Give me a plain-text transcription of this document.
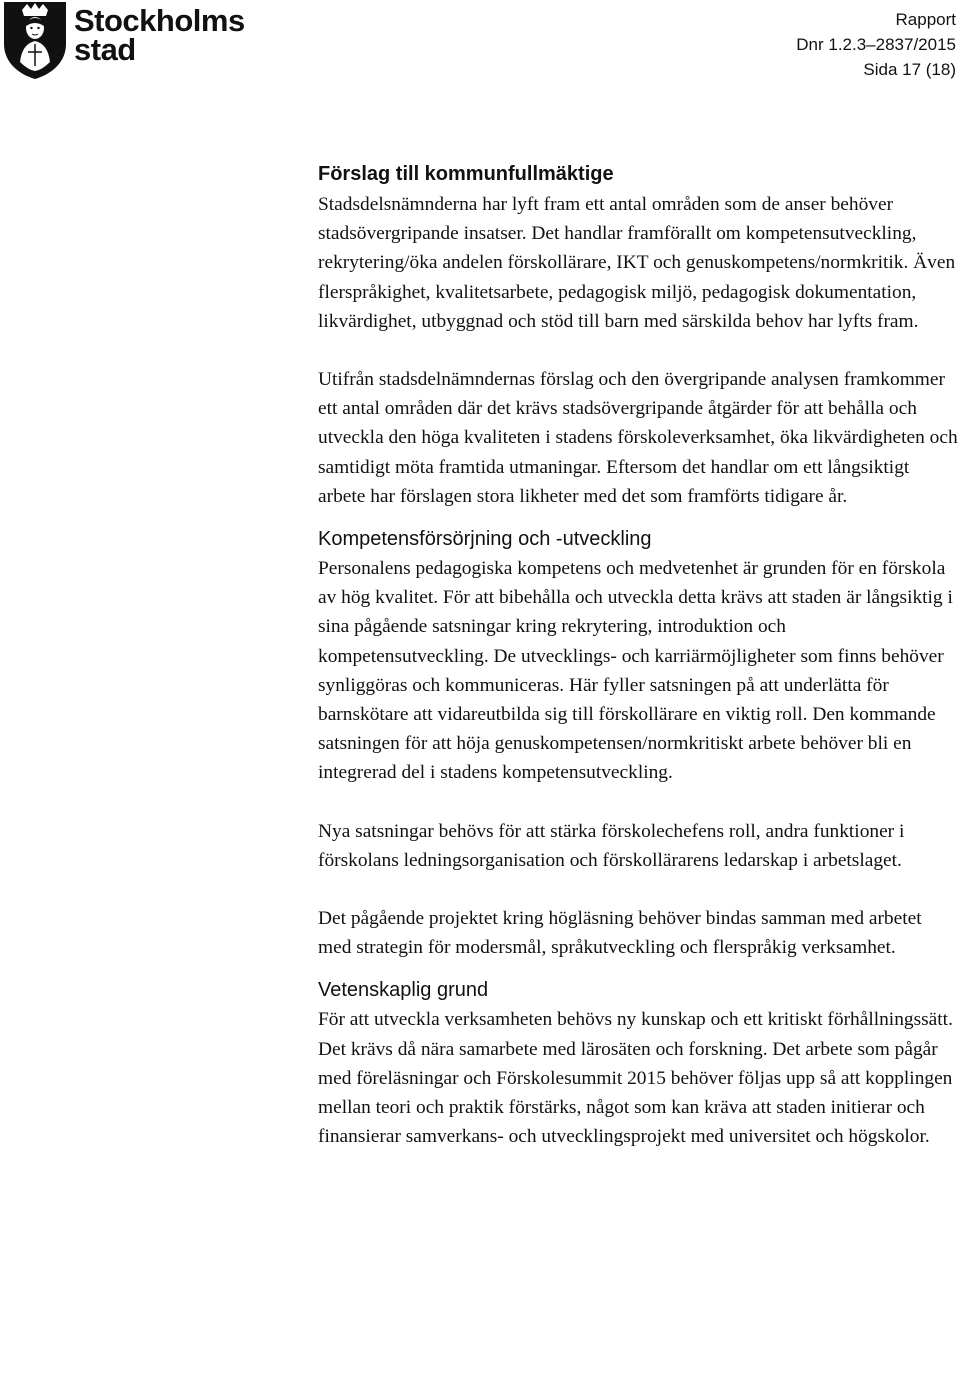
Stockholms
stad
Rapport
Dnr 1.2.3–2837/2015
Sida 17 (18)
Förslag till kommunfullmäktige

Stadsdelsnämnderna har lyft fram ett antal områden som de anser behöver stadsövergripande insatser. Det handlar framförallt om kompetensutveckling, rekrytering/öka andelen förskollärare, IKT och genuskompetens/normkritik. Även flerspråkighet, kvalitetsarbete, pedagogisk miljö, pedagogisk dokumentation, likvärdighet, utbyggnad och stöd till barn med särskilda behov har lyfts fram.

Utifrån stadsdelnämndernas förslag och den övergripande analysen framkommer ett antal områden där det krävs stadsövergripande åtgärder för att behålla och utveckla den höga kvaliteten i stadens förskoleverksamhet, öka likvärdigheten och samtidigt möta framtida utmaningar. Eftersom det handlar om ett långsiktigt arbete har förslagen stora likheter med det som framförts tidigare år.

Kompetensförsörjning och -utveckling

Personalens pedagogiska kompetens och medvetenhet är grunden för en förskola av hög kvalitet. För att bibehålla och utveckla detta krävs att staden är långsiktig i sina pågående satsningar kring rekrytering, introduktion och kompetensutveckling. De utvecklings- och karriärmöjligheter som finns behöver synliggöras och kommuniceras. Här fyller satsningen på att underlätta för barnskötare att vidareutbilda sig till förskollärare en viktig roll. Den kommande satsningen för att höja genuskompetensen/normkritiskt arbete behöver bli en integrerad del i stadens kompetensutveckling.

Nya satsningar behövs för att stärka förskolechefens roll, andra funktioner i förskolans ledningsorganisation och förskollärarens ledarskap i arbetslaget.

Det pågående projektet kring högläsning behöver bindas samman med arbetet med strategin för modersmål, språkutveckling och flerspråkig verksamhet.

Vetenskaplig grund

För att utveckla verksamheten behövs ny kunskap och ett kritiskt förhållningssätt. Det krävs då nära samarbete med lärosäten och forskning. Det arbete som pågår med föreläsningar och Förskolesummit 2015 behöver följas upp så att kopplingen mellan teori och praktik förstärks, något som kan kräva att staden initierar och finansierar samverkans- och utvecklingsprojekt med universitet och högskolor.
